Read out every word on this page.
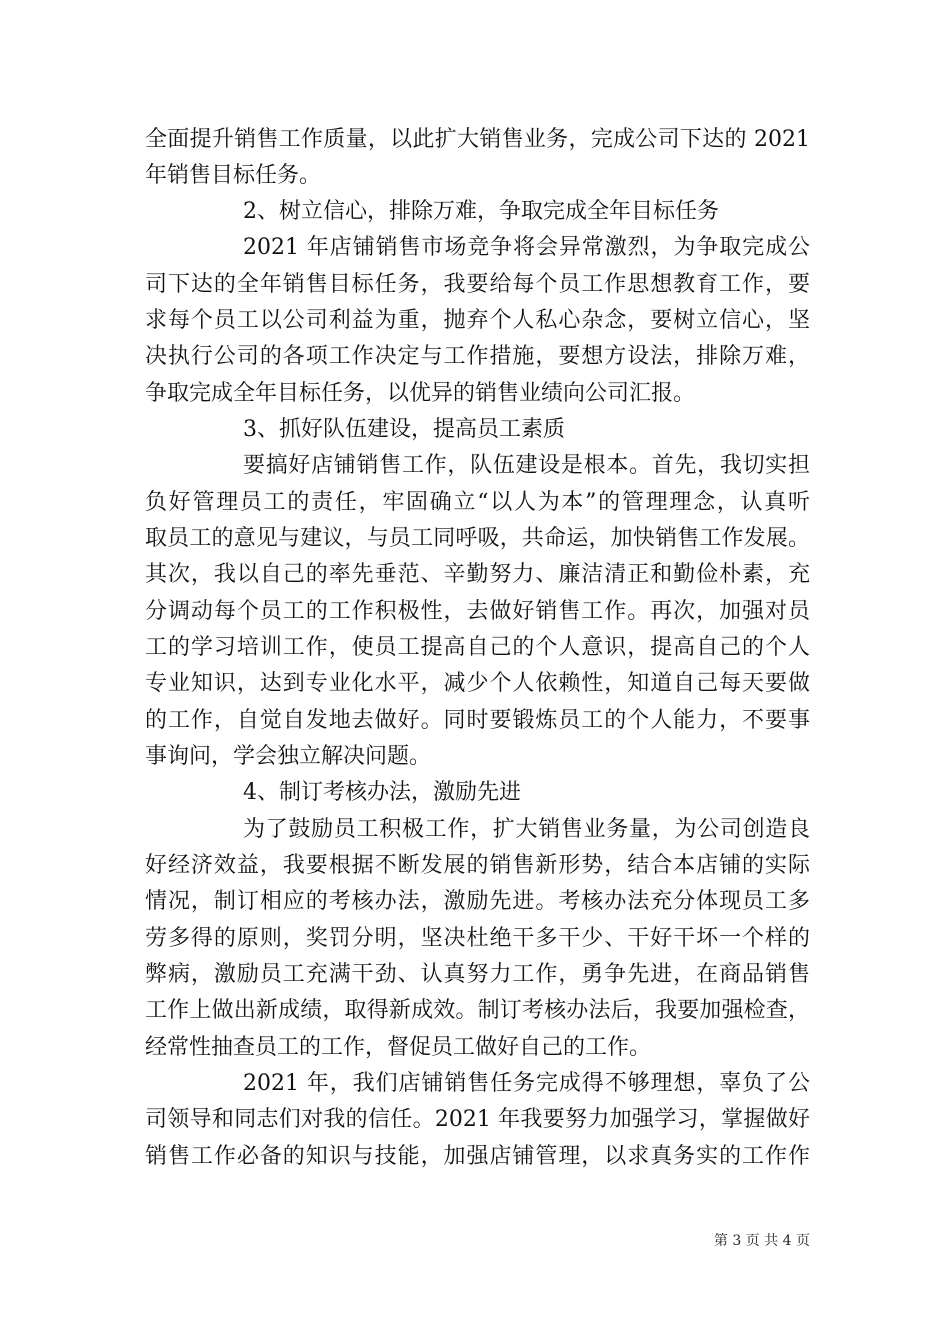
全面提升销售工作质量，以此扩大销售业务，完成公司下达的 2021
年销售目标任务。
2、树立信心，排除万难，争取完成全年目标任务
2021 年店铺销售市场竞争将会异常激烈，为争取完成公
司下达的全年销售目标任务，我要给每个员工作思想教育工作，要
求每个员工以公司利益为重，抛弃个人私心杂念，要树立信心，坚
决执行公司的各项工作决定与工作措施，要想方设法，排除万难，
争取完成全年目标任务，以优异的销售业绩向公司汇报。
3、抓好队伍建设，提高员工素质
要搞好店铺销售工作，队伍建设是根本。首先，我切实担
负好管理员工的责任，牢固确立“以人为本”的管理理念，认真听
取员工的意见与建议，与员工同呼吸，共命运，加快销售工作发展。
其次，我以自己的率先垂范、辛勤努力、廉洁清正和勤俭朴素，充
分调动每个员工的工作积极性，去做好销售工作。再次，加强对员
工的学习培训工作，使员工提高自己的个人意识，提高自己的个人
专业知识，达到专业化水平，减少个人依赖性，知道自己每天要做
的工作，自觉自发地去做好。同时要锻炼员工的个人能力，不要事
事询问，学会独立解决问题。
4、制订考核办法，激励先进
为了鼓励员工积极工作，扩大销售业务量，为公司创造良
好经济效益，我要根据不断发展的销售新形势，结合本店铺的实际
情况，制订相应的考核办法，激励先进。考核办法充分体现员工多
劳多得的原则，奖罚分明，坚决杜绝干多干少、干好干坏一个样的
弊病，激励员工充满干劲、认真努力工作，勇争先进，在商品销售
工作上做出新成绩，取得新成效。制订考核办法后，我要加强检查，
经常性抽查员工的工作，督促员工做好自己的工作。
2021 年，我们店铺销售任务完成得不够理想，辜负了公
司领导和同志们对我的信任。2021 年我要努力加强学习，掌握做好
销售工作必备的知识与技能，加强店铺管理，以求真务实的工作作
第 3 页 共 4 页
